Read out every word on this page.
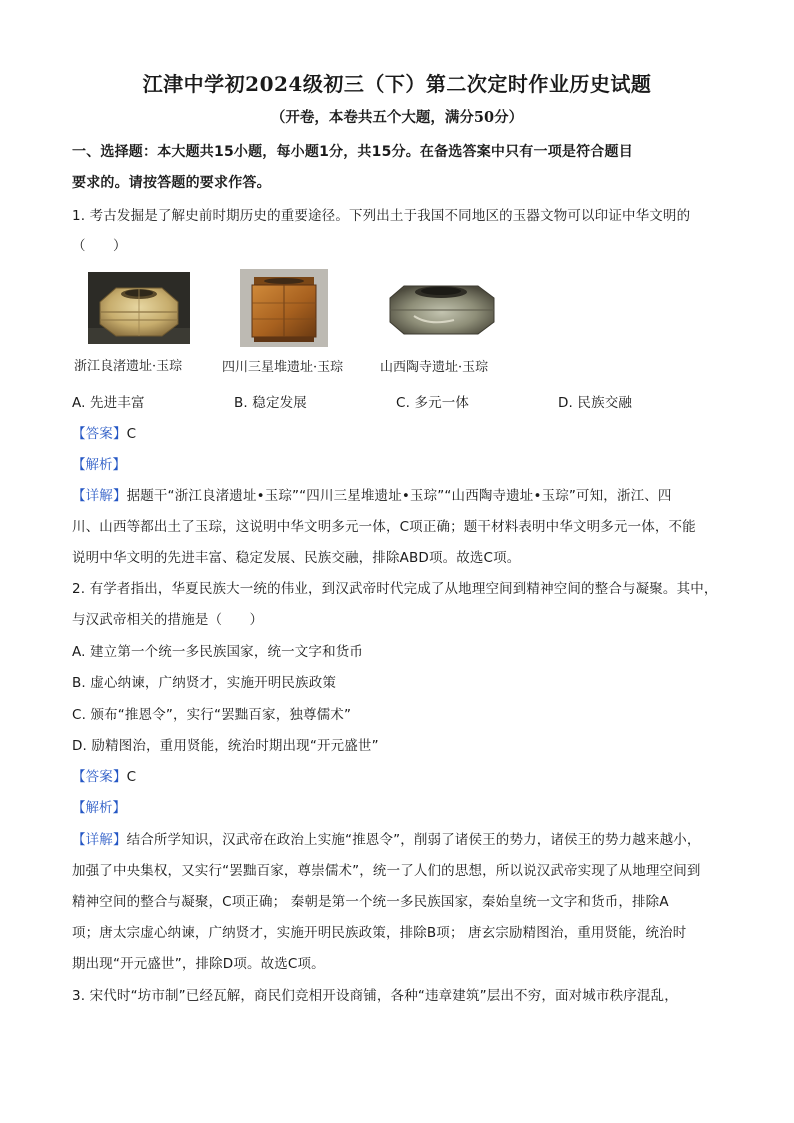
江津中学初2024级初三（下）第二次定时作业历史试题
（开卷，本卷共五个大题，满分50分）
一、选择题：本大题共15小题，每小题1分，共15分。在备选答案中只有一项是符合题目
要求的。请按答题的要求作答。
1. 考古发掘是了解史前时期历史的重要途径。下列出土于我国不同地区的玉器文物可以印证中华文明的
（　　）
浙江良渚遗址·玉琮	四川三星堆遗址·玉琮	山西陶寺遗址·玉琮
A. 先进丰富	B. 稳定发展	C. 多元一体	D. 民族交融
【答案】C
【解析】
【详解】据题干“浙江良渚遗址•玉琮”“四川三星堆遗址•玉琮”“山西陶寺遗址•玉琮”可知，浙江、四
川、山西等都出土了玉琮，这说明中华文明多元一体，C项正确；题干材料表明中华文明多元一体，不能
说明中华文明的先进丰富、稳定发展、民族交融，排除ABD项。故选C项。
2. 有学者指出，华夏民族大一统的伟业，到汉武帝时代完成了从地理空间到精神空间的整合与凝聚。其中，
与汉武帝相关的措施是（　　）
A. 建立第一个统一多民族国家，统一文字和货币
B. 虚心纳谏，广纳贤才，实施开明民族政策
C. 颁布“推恩令”，实行“罢黜百家，独尊儒术”
D. 励精图治，重用贤能，统治时期出现“开元盛世”
【答案】C
【解析】
【详解】结合所学知识，汉武帝在政治上实施“推恩令”，削弱了诸侯王的势力，诸侯王的势力越来越小，
加强了中央集权，又实行“罢黜百家，尊崇儒术”，统一了人们的思想，所以说汉武帝实现了从地理空间到
精神空间的整合与凝聚，C项正确； 秦朝是第一个统一多民族国家，秦始皇统一文字和货币，排除A
项；唐太宗虚心纳谏，广纳贤才，实施开明民族政策，排除B项； 唐玄宗励精图治，重用贤能，统治时
期出现“开元盛世”，排除D项。故选C项。
3. 宋代时“坊市制”已经瓦解，商民们竞相开设商铺，各种“违章建筑”层出不穷，面对城市秩序混乱，
